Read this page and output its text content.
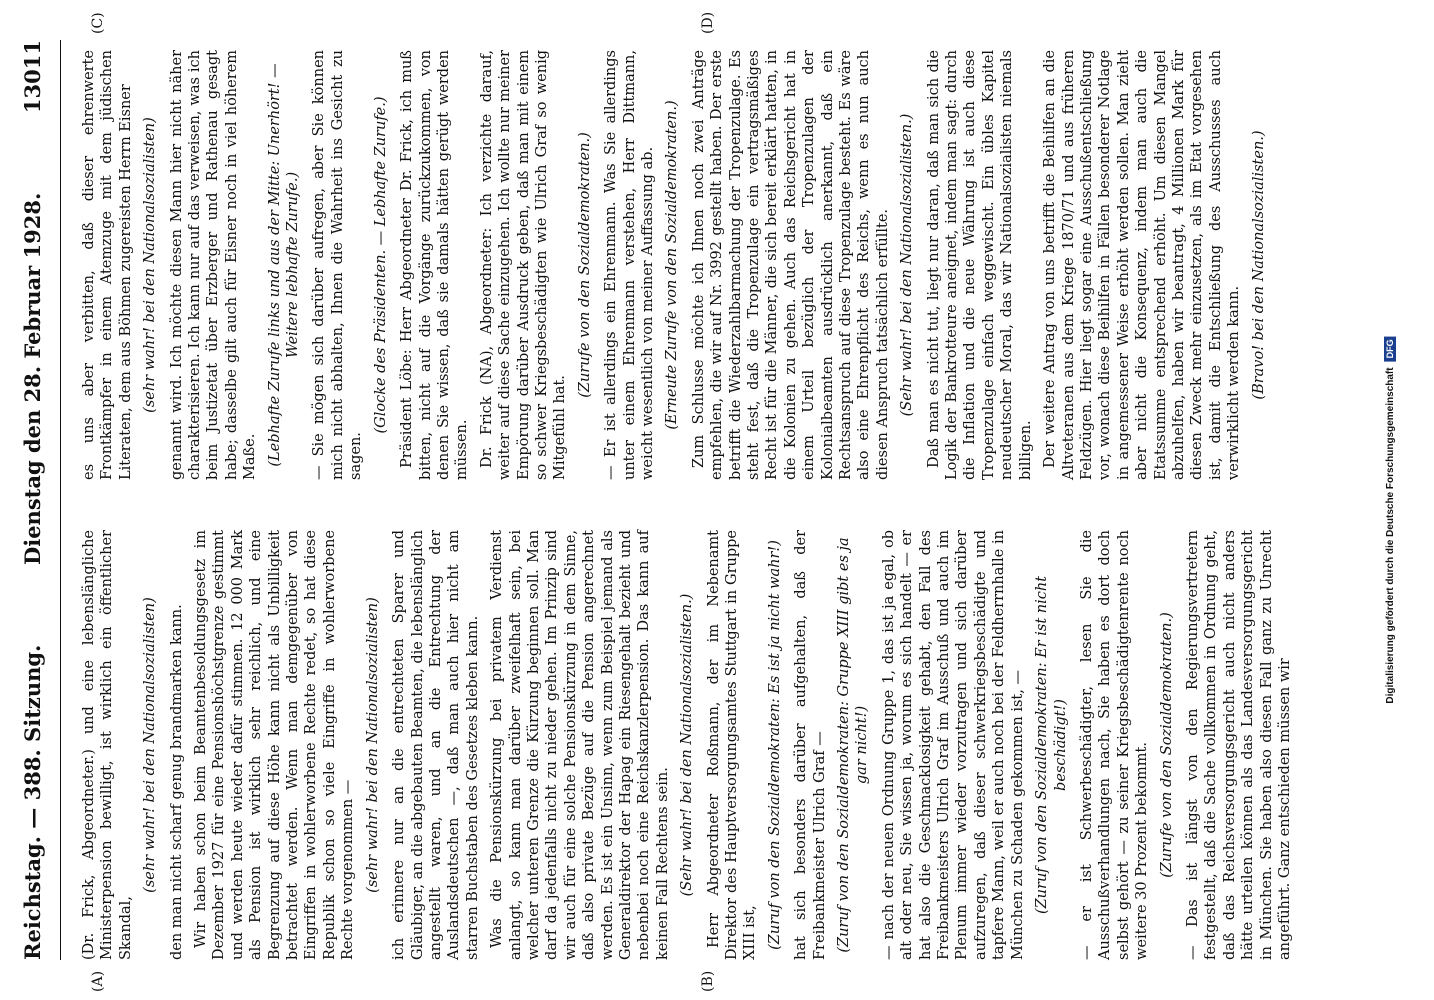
Reichstag. — 388. Sitzung.
Dienstag den 28. Februar 1928.
13011
(A)	(B)
(C)	(D)

(Dr. Frick, Abgeordneter.) und eine lebenslängliche Ministerpension bewilligt, ist wirklich ein öffentlicher Skandal,

(sehr wahr! bei den Nationalsozialisten) den man nicht scharf genug brandmarken kann. Wir haben schon beim Beamtenbesoldungsgesetz im Dezember 1927 für eine Pensionshöchstgrenze gestimmt und werden heute wieder dafür stimmen. 12 000 Mark als Pension ist wirklich sehr reichlich, und eine Begrenzung auf diese Höhe kann nicht als Unbilligkeit betrachtet werden. Wenn man demgegenüber von Eingriffen in wohlerworbene Rechte redet, so hat diese Republik schon so viele Eingriffe in wohlerworbene Rechte vorgenommen — (sehr wahr! bei den Nationalsozialisten) ich erinnere nur an die entrechteten Sparer und Gläubiger, an die abgebauten Beamten, die lebenslänglich angestellt waren, und an die Entrechtung der Auslandsdeutschen —, daß man auch hier nicht am starren Buchstaben des Gesetzes kleben kann. Was die Pensionskürzung bei privatem Verdienst anlangt, so kann man darüber zweifelhaft sein, bei welcher unteren Grenze die Kürzung beginnen soll. Man darf da jedenfalls nicht zu nieder gehen. Im Prinzip sind wir auch für eine solche Pensionskürzung in dem Sinne, daß also private Bezüge auf die Pension angerechnet werden. Es ist ein Unsinn, wenn zum Beispiel jemand als Generaldirektor der Hapag ein Riesengehalt bezieht und nebenbei noch eine Reichskanzlerpension. Das kann auf keinen Fall Rechtens sein. (Sehr wahr! bei den Nationalsozialisten.) Herr Abgeordneter Roßmann, der im Nebenamt Direktor des Hauptversorgungsamtes Stuttgart in Gruppe XIII ist, (Zuruf von den Sozialdemokraten: Es ist ja nicht wahr!) hat sich besonders darüber aufgehalten, daß der Freibankmeister Ulrich Graf — (Zuruf von den Sozialdemokraten: Gruppe XIII gibt es ja gar nicht!) — nach der neuen Ordnung Gruppe 1, das ist ja egal, ob alt oder neu, Sie wissen ja, worum es sich handelt — er hat also die Geschmacklosigkeit gehabt, den Fall des Freibankmeisters Ulrich Graf im Ausschuß und auch im Plenum immer wieder vorzutragen und sich darüber aufzuregen, daß dieser schwerkriegsbeschädigte und tapfere Mann, weil er auch noch bei der Feldherrnhalle in München zu Schaden gekommen ist, — (Zuruf von den Sozialdemokraten: Er ist nicht beschädigt!) — er ist Schwerbeschädigter, lesen Sie die Ausschußverhandlungen nach, Sie haben es dort doch selbst gehört — zu seiner Kriegsbeschädigtenrente noch weitere 30 Prozent bekommt. (Zurufe von den Sozialdemokraten.) — Das ist längst von den Regierungsvertretern festgestellt, daß die Sache vollkommen in Ordnung geht, daß das Reichsversorgungsgericht auch nicht anders hätte urteilen können als das Landesversorgungsgericht in München. Sie haben also diesen Fall ganz zu Unrecht angeführt. Ganz entschieden müssen wir

es uns aber verbitten, daß dieser ehrenwerte Frontkämpfer in einem Atemzuge mit dem jüdischen Literaten, dem aus Böhmen zugereisten Herrn Eisner (sehr wahr! bei den Nationalsozialisten) genannt wird. Ich möchte diesen Mann hier nicht näher charakterisieren. Ich kann nur auf das verweisen, was ich beim Justizetat über Erzberger und Rathenau gesagt habe; dasselbe gilt auch für Eisner noch in viel höherem Maße. (Lebhafte Zurufe links und aus der Mitte: Unerhört! — Weitere lebhafte Zurufe.) — Sie mögen sich darüber aufregen, aber Sie können mich nicht abhalten, Ihnen die Wahrheit ins Gesicht zu sagen.

(Glocke des Präsidenten. — Lebhafte Zurufe.) Präsident Löbe: Herr Abgeordneter Dr. Frick, ich muß bitten, nicht auf die Vorgänge zurückzukommen, von denen Sie wissen, daß sie damals hätten gerügt werden müssen. Dr. Frick (NA), Abgeordneter: Ich verzichte darauf, weiter auf diese Sache einzugehen. Ich wollte nur meiner Empörung darüber Ausdruck geben, daß man mit einem so schwer Kriegsbeschädigten wie Ulrich Graf so wenig Mitgefühl hat.

(Zurufe von den Sozialdemokraten.) — Er ist allerdings ein Ehrenmann. Was Sie allerdings unter einem Ehrenmann verstehen, Herr Dittmann, weicht wesentlich von meiner Auffassung ab. (Erneute Zurufe von den Sozialdemokraten.) Zum Schlusse möchte ich Ihnen noch zwei Anträge empfehlen, die wir auf Nr. 3992 gestellt haben. Der erste betrifft die Wiederzahlbarmachung der Tropenzulage. Es steht fest, daß die Tropenzulage ein vertragsmäßiges Recht ist für die Männer, die sich bereit erklärt hatten, in die Kolonien zu gehen. Auch das Reichsgericht hat in einem Urteil bezüglich der Tropenzulagen der Kolonialbeamten ausdrücklich anerkannt, daß ein Rechtsanspruch auf diese Tropenzulage besteht. Es wäre also eine Ehrenpflicht des Reichs, wenn es nun auch diesen Anspruch tatsächlich erfüllte. (Sehr wahr! bei den Nationalsozialisten.) Daß man es nicht tut, liegt nur daran, daß man sich die Logik der Bankrotteure aneignet, indem man sagt: durch die Inflation und die neue Währung ist auch diese Tropenzulage einfach weggewischt. Ein übles Kapitel neudeutscher Moral, das wir Nationalsozialisten niemals billigen. Der weitere Antrag von uns betrifft die Beihilfen an die Altveteranen aus dem Kriege 1870/71 und aus früheren Feldzügen. Hier liegt sogar eine Ausschußentschließung vor, wonach diese Beihilfen in Fällen besonderer Notlage in angemessener Weise erhöht werden sollen. Man zieht aber nicht die Konsequenz, indem man auch die Etatssumme entsprechend erhöht. Um diesen Mangel abzuhelfen, haben wir beantragt, 4 Millionen Mark für diesen Zweck mehr einzusetzen, als im Etat vorgesehen ist, damit die Entschließung des Ausschusses auch verwirklicht werden kann. (Bravo! bei den Nationalsozialisten.)

Digitalisierung gefördert durch die Deutsche Forschungsgemeinschaft
DFG
